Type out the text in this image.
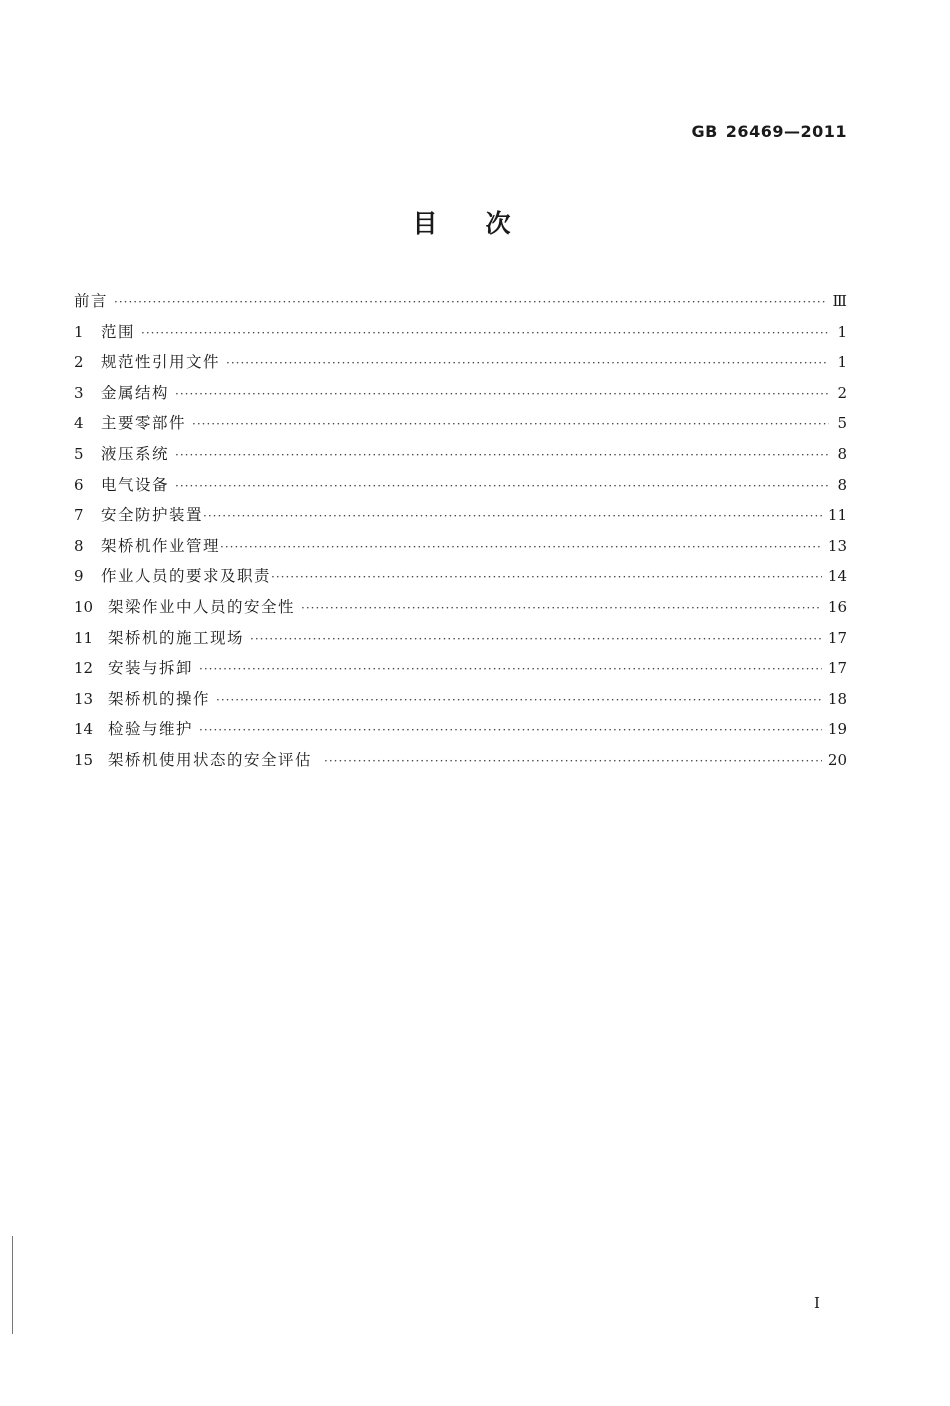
GB 26469—2011
目 次
前言 ·····	Ⅲ
1	范围 ·····	1
2	规范性引用文件 ·····	1
3	金属结构 ·····	2
4	主要零部件 ·····	5
5	液压系统 ·····	8
6	电气设备 ·····	8
7	安全防护装置 ·····	11
8	架桥机作业管理 ·····	13
9	作业人员的要求及职责 ·····	14
10 架梁作业中人员的安全性 ·····	16
11 架桥机的施工现场 ·····	17
12 安装与拆卸 ·····	17
13 架桥机的操作 ·····	18
14 检验与维护 ·····	19
15 架桥机使用状态的安全评估 ·····	20
I
